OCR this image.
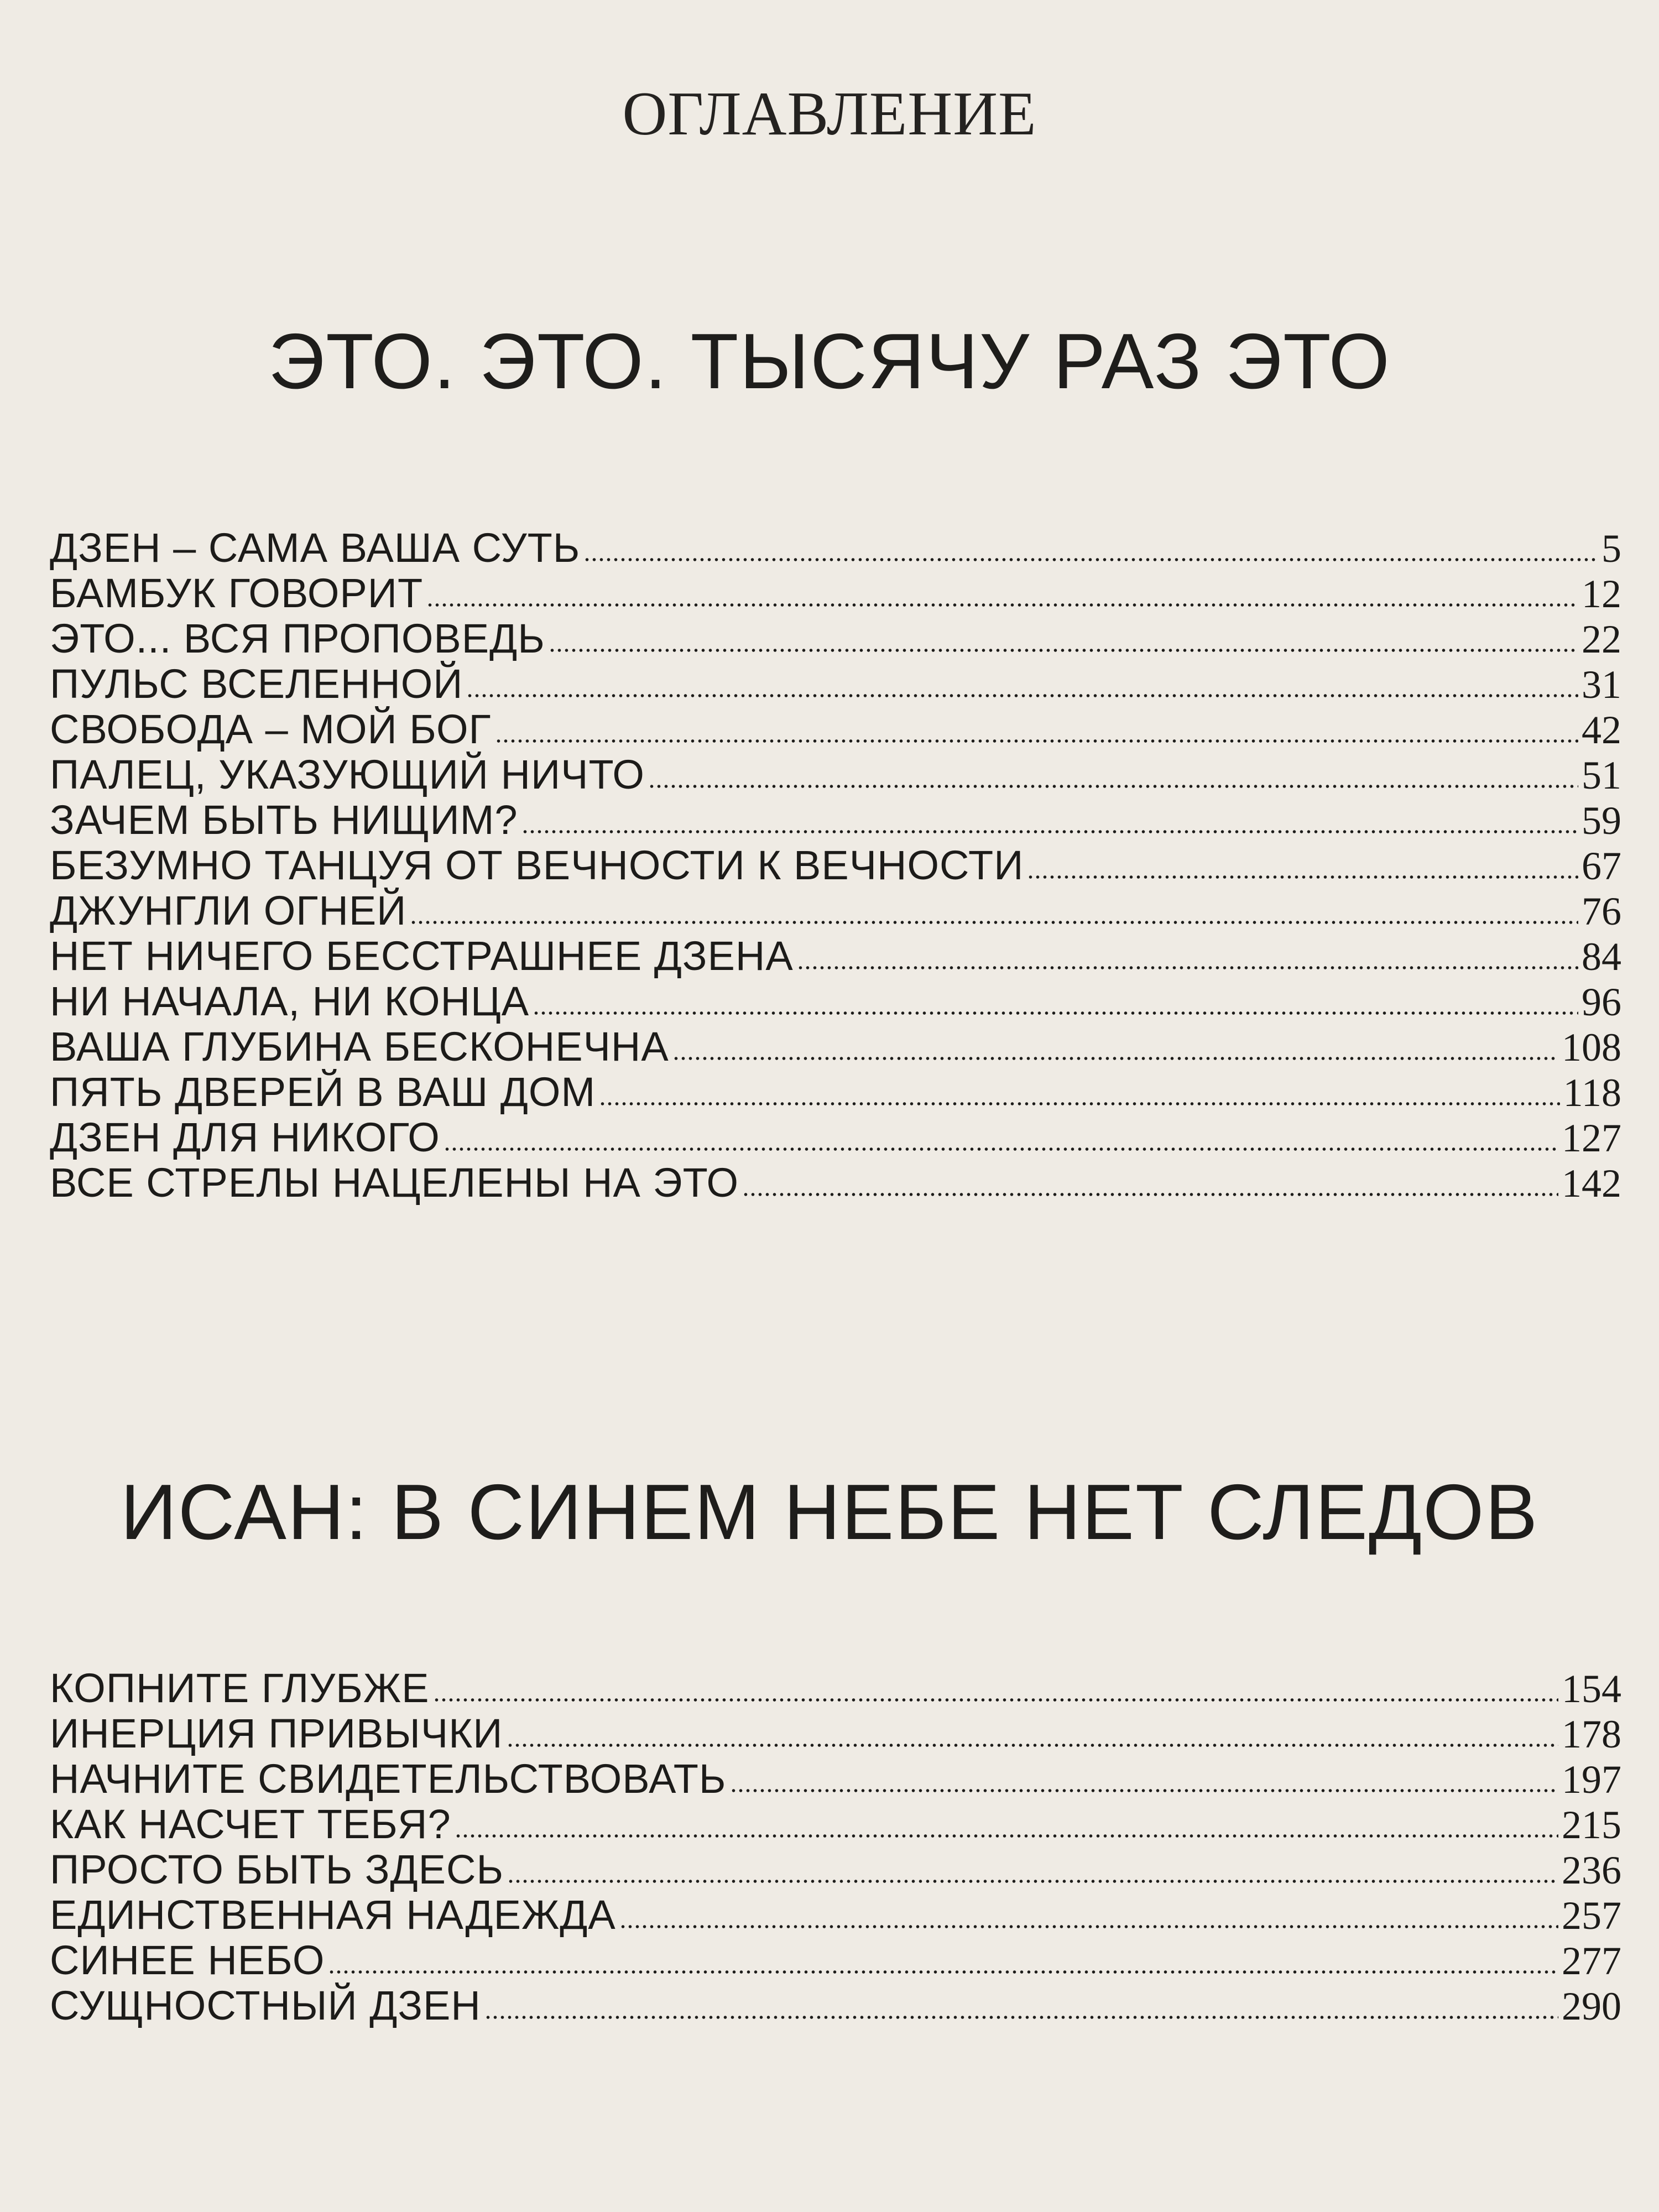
ОГЛАВЛЕНИЕ
ЭТО. ЭТО. ТЫСЯЧУ РАЗ ЭТО
ДЗЕН – САМА ВАША СУТЬ	5
БАМБУК ГОВОРИТ	12
ЭТО... ВСЯ ПРОПОВЕДЬ	22
ПУЛЬС ВСЕЛЕННОЙ	31
СВОБОДА – МОЙ БОГ	42
ПАЛЕЦ, УКАЗУЮЩИЙ НИЧТО	51
ЗАЧЕМ БЫТЬ НИЩИМ?	59
БЕЗУМНО ТАНЦУЯ ОТ ВЕЧНОСТИ К ВЕЧНОСТИ	67
ДЖУНГЛИ ОГНЕЙ	76
НЕТ НИЧЕГО БЕССТРАШНЕЕ ДЗЕНА	84
НИ НАЧАЛА, НИ КОНЦА	96
ВАША ГЛУБИНА БЕСКОНЕЧНА	108
ПЯТЬ ДВЕРЕЙ В ВАШ ДОМ	118
ДЗЕН ДЛЯ НИКОГО	127
ВСЕ СТРЕЛЫ НАЦЕЛЕНЫ НА ЭТО	142
ИСАН: В СИНЕМ НЕБЕ НЕТ СЛЕДОВ
КОПНИТЕ ГЛУБЖЕ	154
ИНЕРЦИЯ ПРИВЫЧКИ	178
НАЧНИТЕ СВИДЕТЕЛЬСТВОВАТЬ	197
КАК НАСЧЕТ ТЕБЯ?	215
ПРОСТО БЫТЬ ЗДЕСЬ	236
ЕДИНСТВЕННАЯ НАДЕЖДА	257
СИНЕЕ НЕБО	277
СУЩНОСТНЫЙ ДЗЕН	290
